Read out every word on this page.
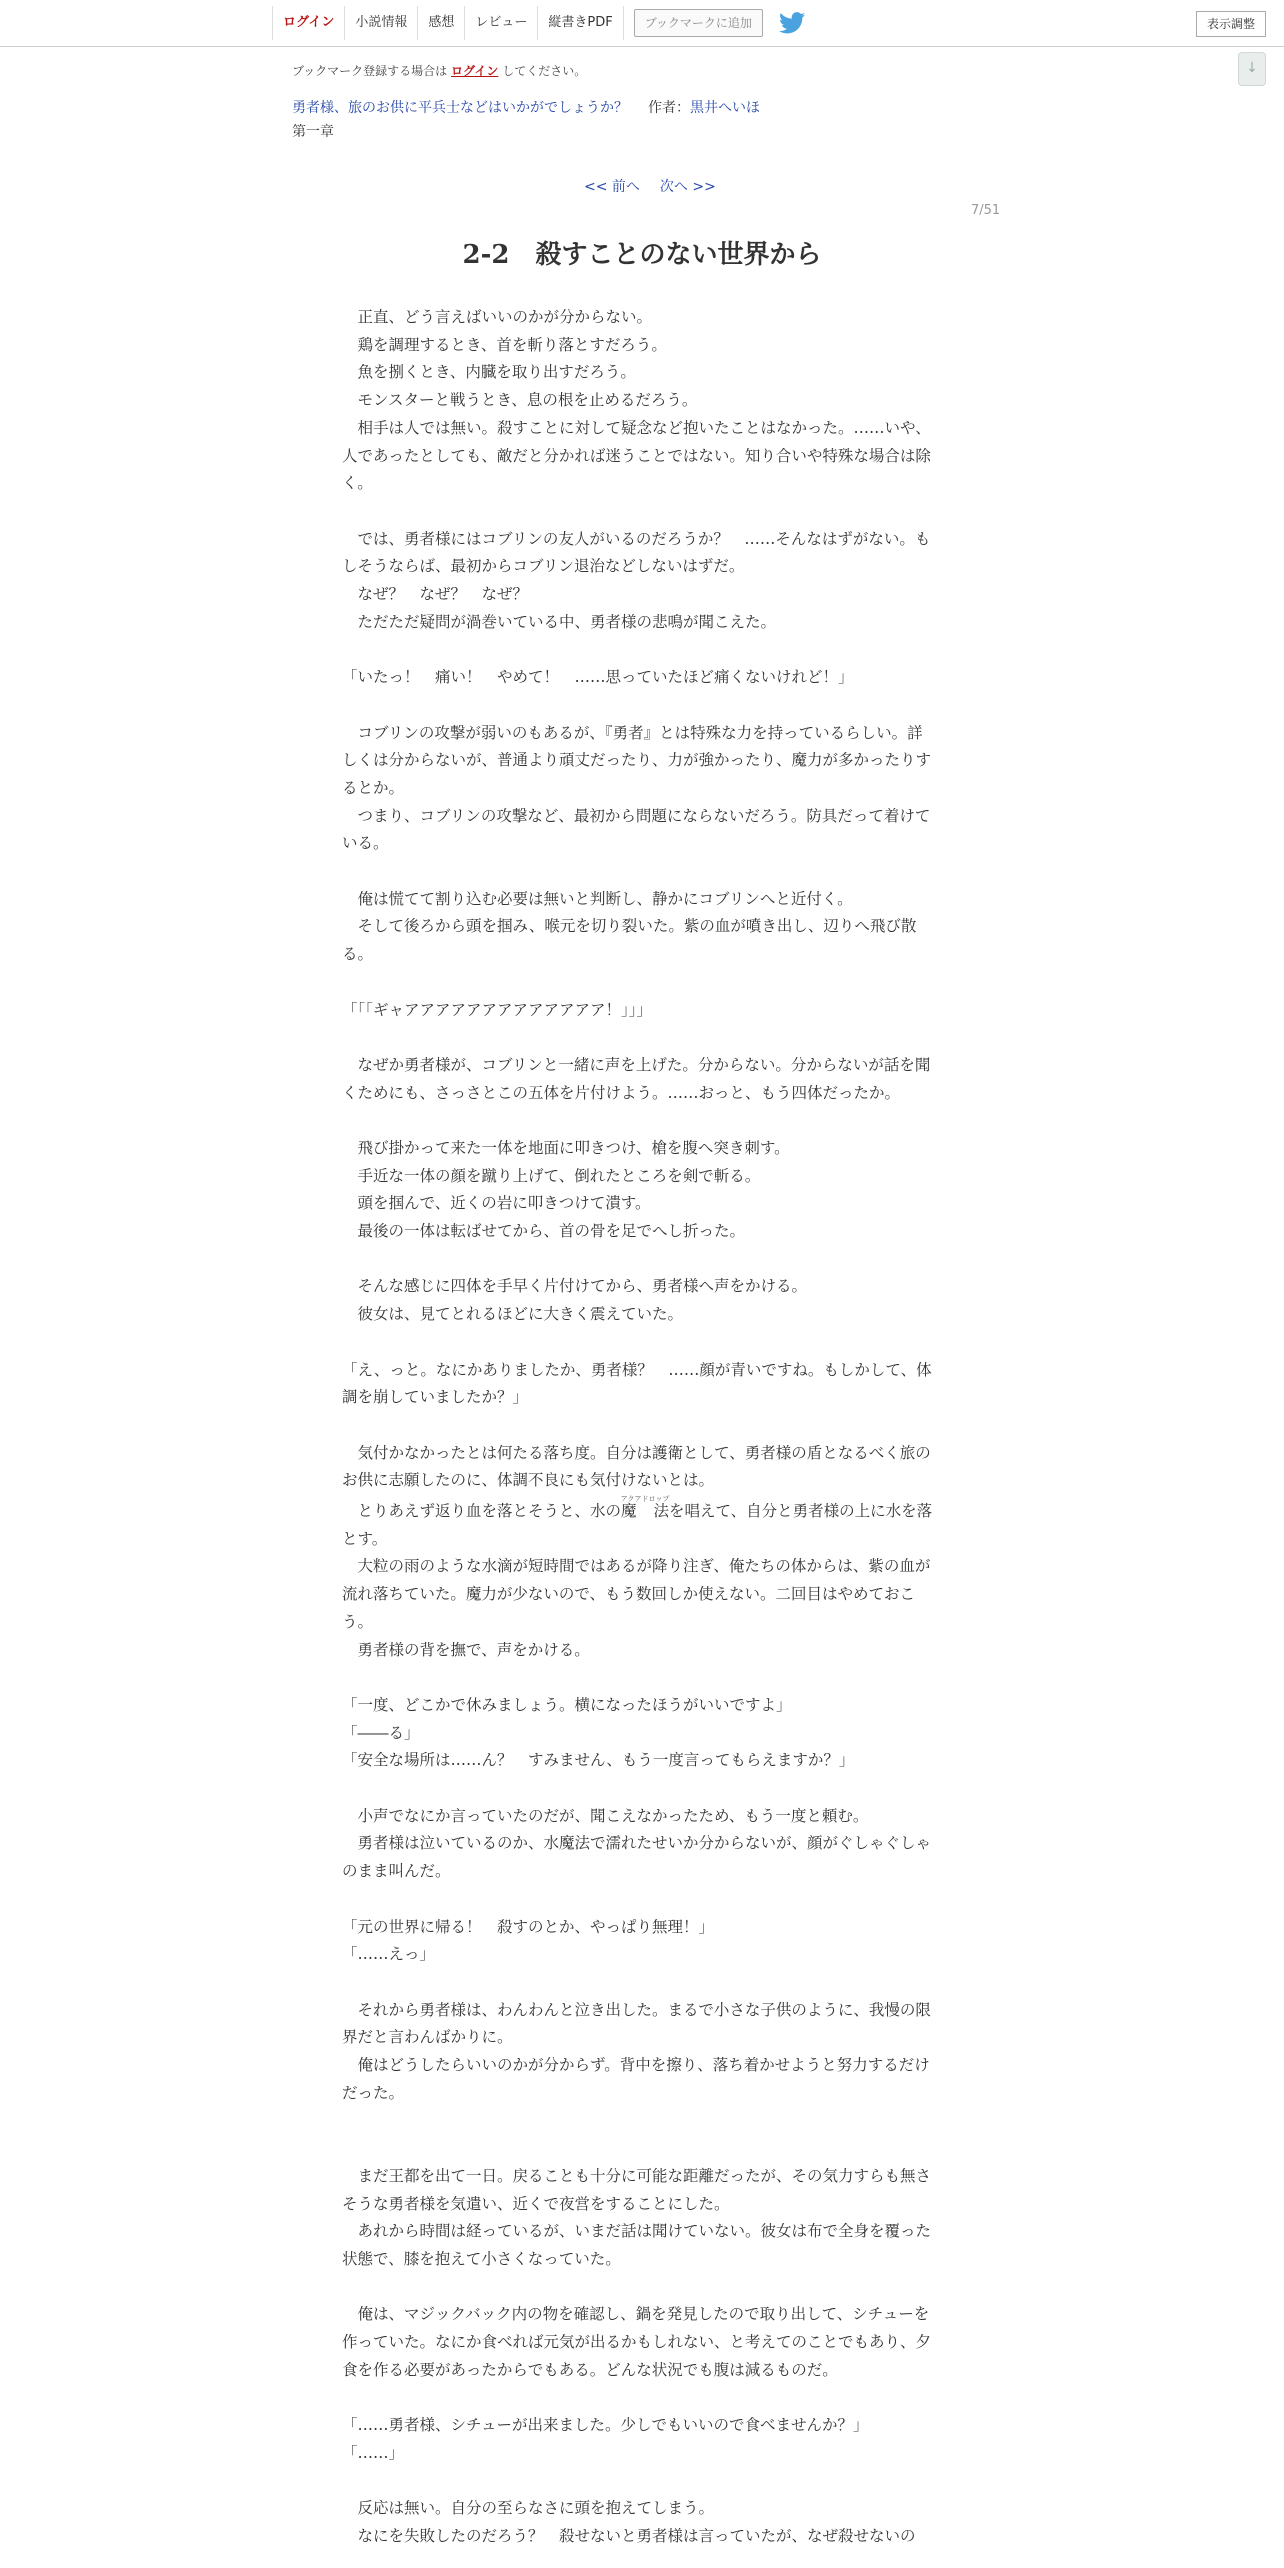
ログイン	小説情報	感想	レビュー	縦書きPDF	ブックマークに追加	表示調整
↓
ブックマーク登録する場合は ログイン してください。
勇者様、旅のお供に平兵士などはいかがでしょうか？ 作者：黒井へいほ
第一章
<< 前へ 次へ >>
7/51
2-2　殺すことのない世界から

　正直、どう言えばいいのかが分からない。

　鶏を調理するとき、首を斬り落とすだろう。

　魚を捌くとき、内臓を取り出すだろう。

　モンスターと戦うとき、息の根を止めるだろう。

　相手は人では無い。殺すことに対して疑念など抱いたことはなかった。……いや、人であったとしても、敵だと分かれば迷うことではない。知り合いや特殊な場合は除く。

　では、勇者様にはコブリンの友人がいるのだろうか？　……そんなはずがない。もしそうならば、最初からコブリン退治などしないはずだ。

　なぜ？　なぜ？　なぜ？

　ただただ疑問が渦巻いている中、勇者様の悲鳴が聞こえた。

「いたっ！　痛い！　やめて！　……思っていたほど痛くないけれど！」

　コブリンの攻撃が弱いのもあるが、『勇者』とは特殊な力を持っているらしい。詳しくは分からないが、普通より頑丈だったり、力が強かったり、魔力が多かったりするとか。

　つまり、コブリンの攻撃など、最初から問題にならないだろう。防具だって着けている。

　俺は慌てて割り込む必要は無いと判断し、静かにコブリンへと近付く。

　そして後ろから頭を掴み、喉元を切り裂いた。紫の血が噴き出し、辺りへ飛び散る。

「「「ギャアアアアアアアアアアアアア！」」」

　なぜか勇者様が、コブリンと一緒に声を上げた。分からない。分からないが話を聞くためにも、さっさとこの五体を片付けよう。……おっと、もう四体だったか。

　飛び掛かって来た一体を地面に叩きつけ、槍を腹へ突き刺す。

　手近な一体の顔を蹴り上げて、倒れたところを剣で斬る。

　頭を掴んで、近くの岩に叩きつけて潰す。

　最後の一体は転ばせてから、首の骨を足でへし折った。

　そんな感じに四体を手早く片付けてから、勇者様へ声をかける。

　彼女は、見てとれるほどに大きく震えていた。

「え、っと。なにかありましたか、勇者様？　……顔が青いですね。もしかして、体調を崩していましたか？」

　気付かなかったとは何たる落ち度。自分は護衛として、勇者様の盾となるべく旅のお供に志願したのに、体調不良にも気付けないとは。

　とりあえず返り血を落とそうと、水の魔　法アクアドロップを唱えて、自分と勇者様の上に水を落とす。

　大粒の雨のような水滴が短時間ではあるが降り注ぎ、俺たちの体からは、紫の血が流れ落ちていた。魔力が少ないので、もう数回しか使えない。二回目はやめておこう。

　勇者様の背を撫で、声をかける。

「一度、どこかで休みましょう。横になったほうがいいですよ」

「――る」

「安全な場所は……ん？　すみません、もう一度言ってもらえますか？」

　小声でなにか言っていたのだが、聞こえなかったため、もう一度と頼む。

　勇者様は泣いているのか、水魔法で濡れたせいか分からないが、顔がぐしゃぐしゃのまま叫んだ。

「元の世界に帰る！　殺すのとか、やっぱり無理！」

「……えっ」

　それから勇者様は、わんわんと泣き出した。まるで小さな子供のように、我慢の限界だと言わんばかりに。

　俺はどうしたらいいのかが分からず。背中を擦り、落ち着かせようと努力するだけだった。

　まだ王都を出て一日。戻ることも十分に可能な距離だったが、その気力すらも無さそうな勇者様を気遣い、近くで夜営をすることにした。

　あれから時間は経っているが、いまだ話は聞けていない。彼女は布で全身を覆った状態で、膝を抱えて小さくなっていた。

　俺は、マジックバック内の物を確認し、鍋を発見したので取り出して、シチューを作っていた。なにか食べれば元気が出るかもしれない、と考えてのことでもあり、夕食を作る必要があったからでもある。どんな状況でも腹は減るものだ。

「……勇者様、シチューが出来ました。少しでもいいので食べませんか？」

「……」

　反応は無い。自分の至らなさに頭を抱えてしまう。

　なにを失敗したのだろう？　殺せないと勇者様は言っていたが、なぜ殺せないの
